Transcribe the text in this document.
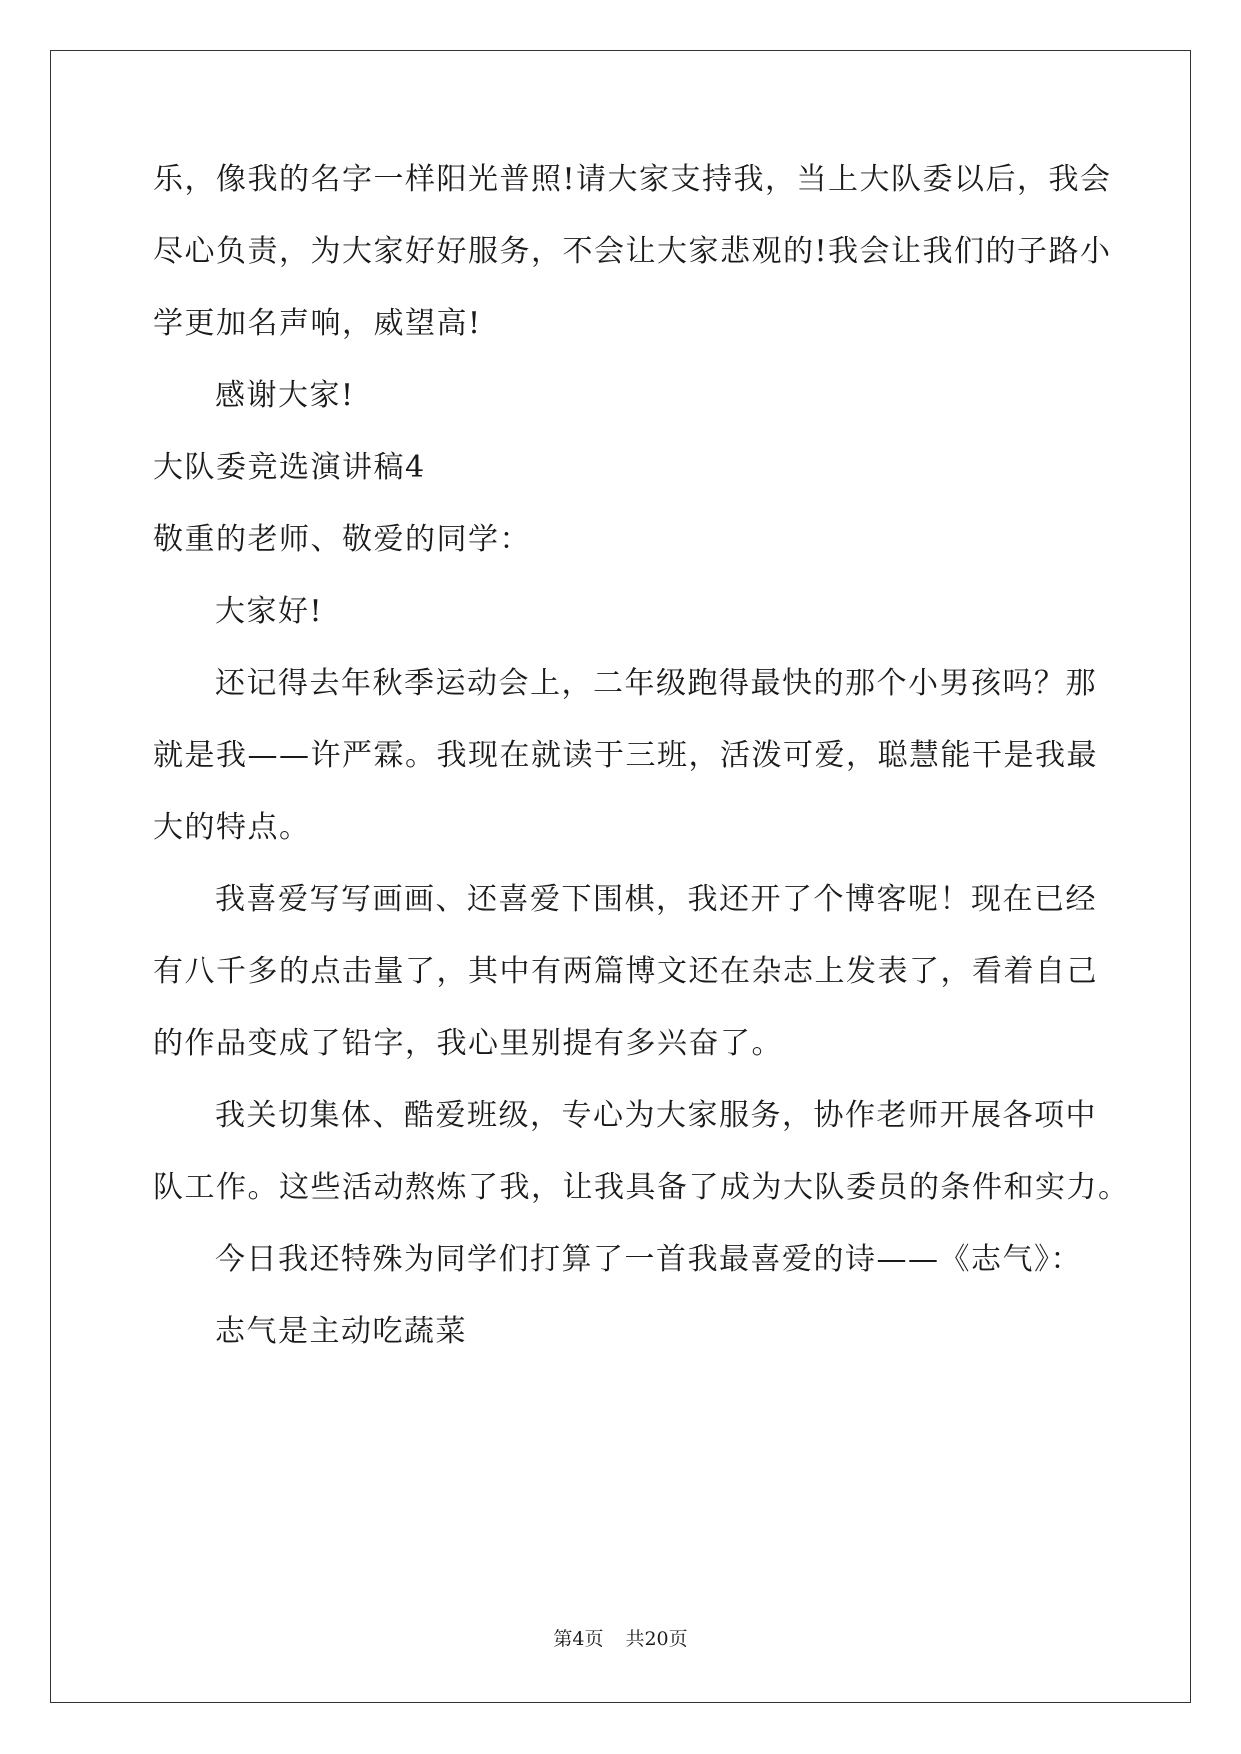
乐，像我的名字一样阳光普照!请大家支持我，当上大队委以后，我会
尽心负责，为大家好好服务，不会让大家悲观的!我会让我们的子路小
学更加名声响，威望高!
感谢大家!
大队委竞选演讲稿4
敬重的老师、敬爱的同学：
大家好!
还记得去年秋季运动会上，二年级跑得最快的那个小男孩吗？那
就是我——许严霖。我现在就读于三班，活泼可爱，聪慧能干是我最
大的特点。
我喜爱写写画画、还喜爱下围棋，我还开了个博客呢！现在已经
有八千多的点击量了，其中有两篇博文还在杂志上发表了，看着自己
的作品变成了铅字，我心里别提有多兴奋了。
我关切集体、酷爱班级，专心为大家服务，协作老师开展各项中
队工作。这些活动熬炼了我，让我具备了成为大队委员的条件和实力。
今日我还特殊为同学们打算了一首我最喜爱的诗——《志气》：
志气是主动吃蔬菜
第4页 共20页
